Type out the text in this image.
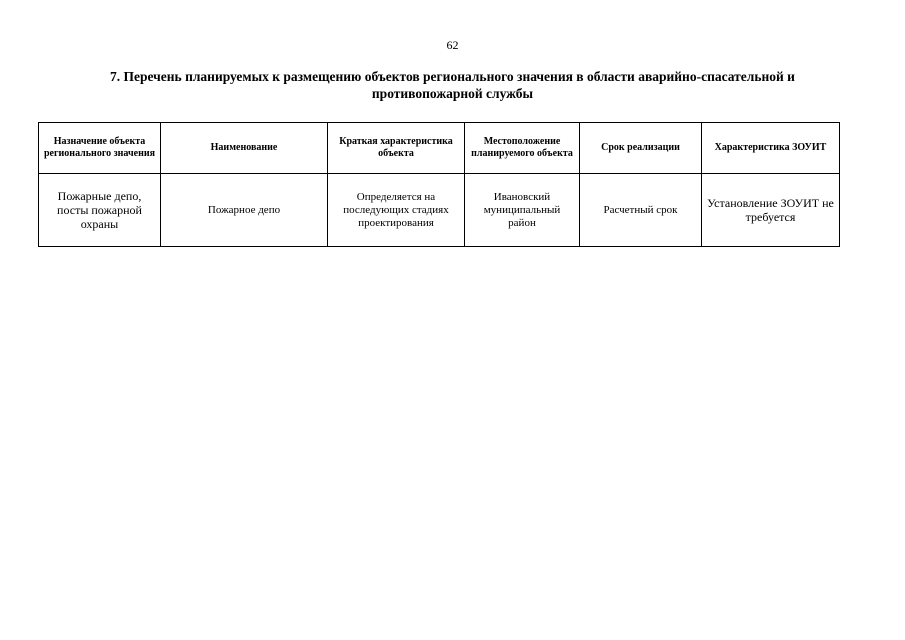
62
7. Перечень планируемых к размещению объектов регионального значения в области аварийно-спасательной и
противопожарной службы
Назначение объекта регионального значения	Наименование	Краткая характеристика объекта	Местоположение планируемого объекта	Срок реализации	Характеристика ЗОУИТ
Пожарные депо, посты пожарной охраны	Пожарное депо	Определяется на последующих стадиях проектирования	Ивановский муниципальный район	Расчетный срок	Установление ЗОУИТ не требуется
